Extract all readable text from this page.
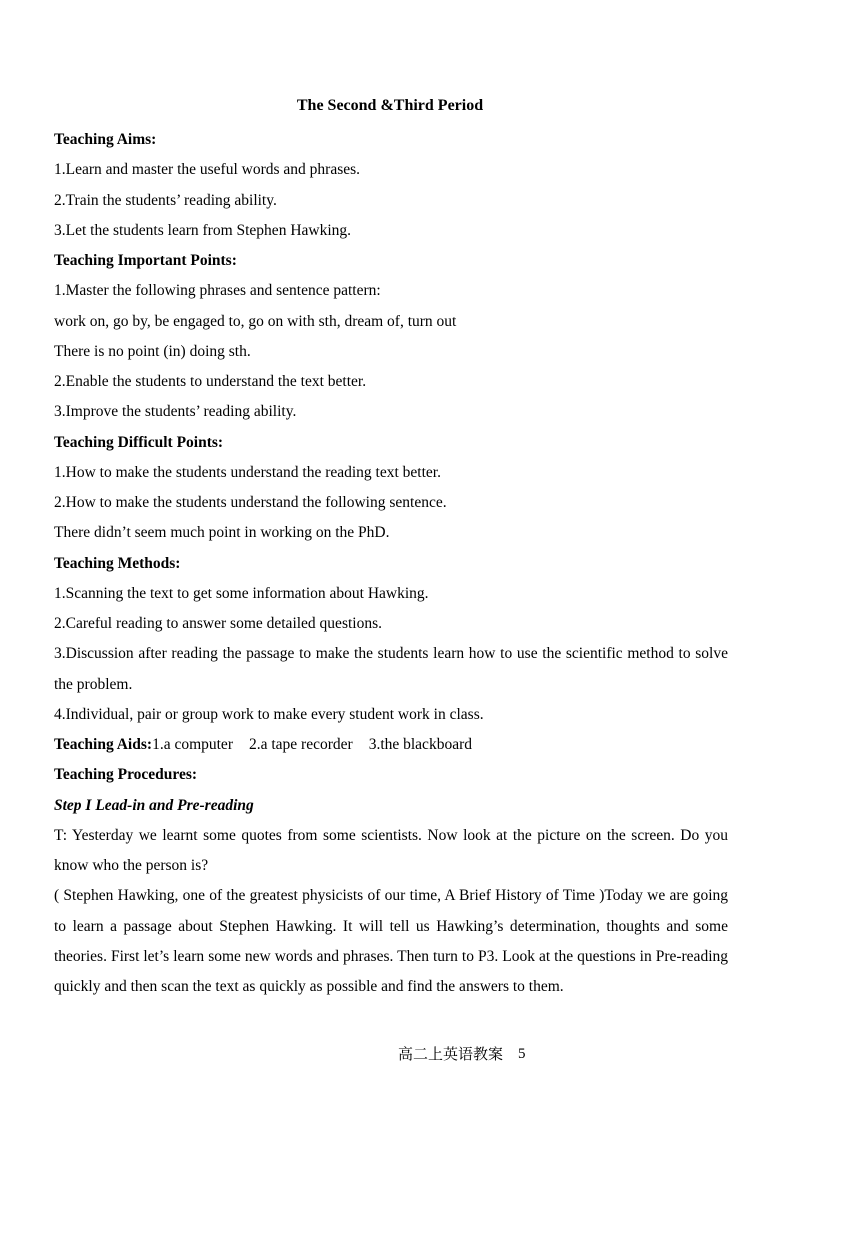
The Second &Third Period
Teaching Aims:
1.Learn and master the useful words and phrases.
2.Train the students’ reading ability.
3.Let the students learn from Stephen Hawking.
Teaching Important Points:
1.Master the following phrases and sentence pattern:
work on, go by, be engaged to, go on with sth, dream of, turn out
There is no point (in) doing sth.
2.Enable the students to understand the text better.
3.Improve the students’ reading ability.
Teaching Difficult Points:
1.How to make the students understand the reading text better.
2.How to make the students understand the following sentence.
There didn’t seem much point in working on the PhD.
Teaching Methods:
1.Scanning the text to get some information about Hawking.
2.Careful reading to answer some detailed questions.
3.Discussion after reading the passage to make the students learn how to use the scientific method to solve the problem.
4.Individual, pair or group work to make every student work in class.
Teaching Aids:1.a computer 2.a tape recorder 3.the blackboard
Teaching Procedures:
Step I Lead-in and Pre-reading
T: Yesterday we learnt some quotes from some scientists. Now look at the picture on the screen. Do you know who the person is?
( Stephen Hawking, one of the greatest physicists of our time, A Brief History of Time )Today we are going to learn a passage about Stephen Hawking. It will tell us Hawking’s determination, thoughts and some theories. First let’s learn some new words and phrases. Then turn to P3. Look at the questions in Pre-reading quickly and then scan the text as quickly as possible and find the answers to them.
高二上英语教案 5
